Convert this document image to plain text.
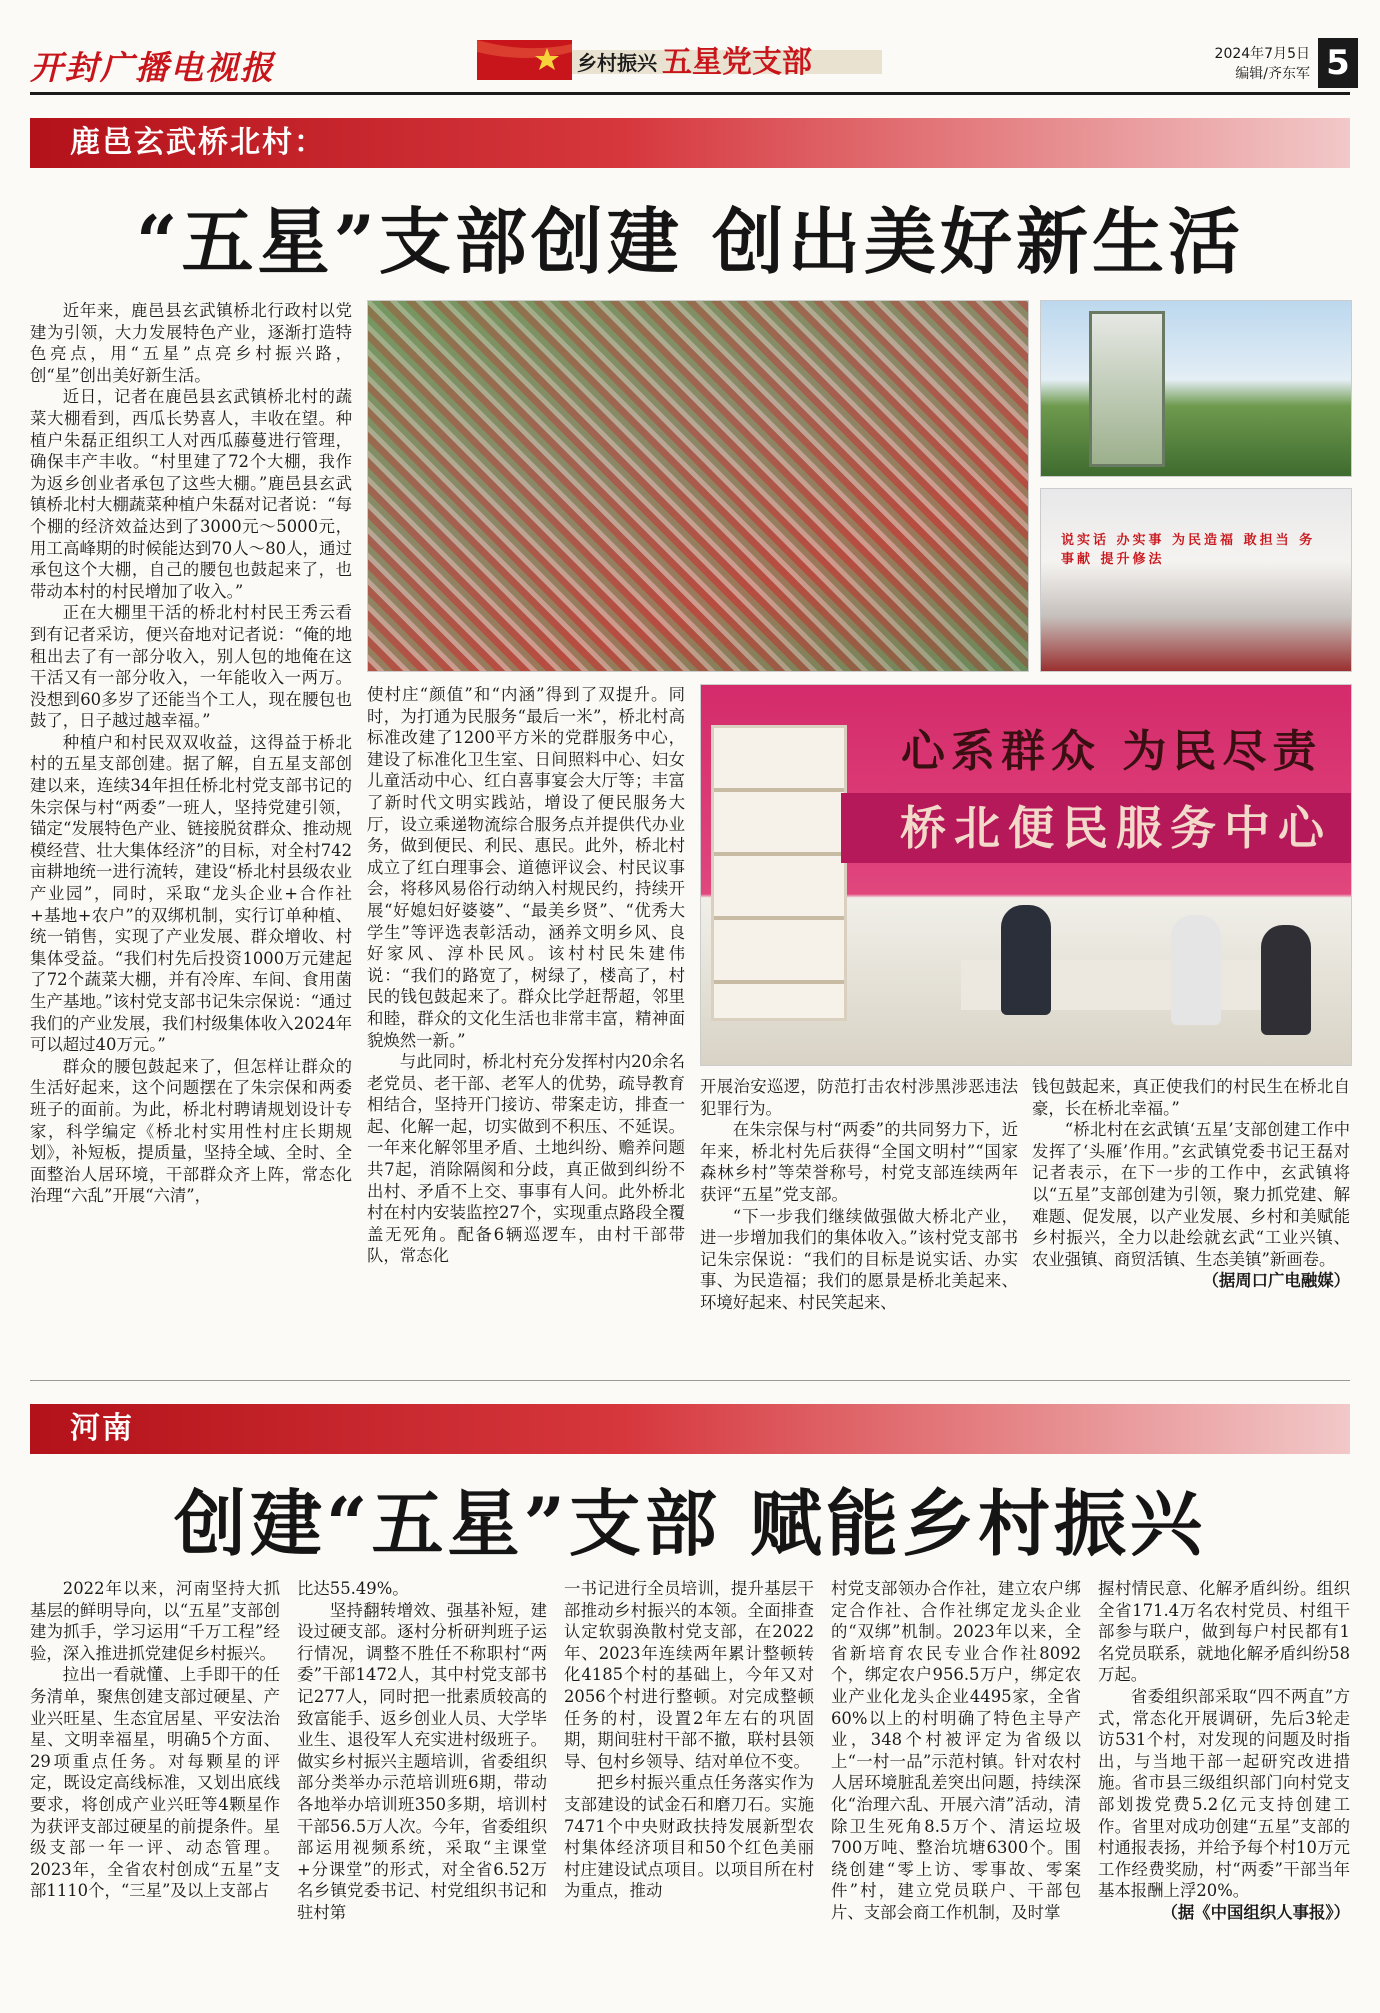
开封广播电视报	乡村振兴 五星党支部	2024年7月5日
编辑/齐东军 5
鹿邑玄武桥北村：
“五星”支部创建 创出美好新生活
说实话 办实事 为民造福 敢担当 务事献 提升修法
心系群众 为民尽责
桥北便民服务中心

近年来，鹿邑县玄武镇桥北行政村以党建为引领，大力发展特色产业，逐渐打造特色亮点，用“五星”点亮乡村振兴路，创“星”创出美好新生活。

近日，记者在鹿邑县玄武镇桥北村的蔬菜大棚看到，西瓜长势喜人，丰收在望。种植户朱磊正组织工人对西瓜藤蔓进行管理，确保丰产丰收。“村里建了72个大棚，我作为返乡创业者承包了这些大棚。”鹿邑县玄武镇桥北村大棚蔬菜种植户朱磊对记者说：“每个棚的经济效益达到了3000元～5000元，用工高峰期的时候能达到70人～80人，通过承包这个大棚，自己的腰包也鼓起来了，也带动本村的村民增加了收入。”

正在大棚里干活的桥北村村民王秀云看到有记者采访，便兴奋地对记者说：“俺的地租出去了有一部分收入，别人包的地俺在这干活又有一部分收入，一年能收入一两万。没想到60多岁了还能当个工人，现在腰包也鼓了，日子越过越幸福。”

种植户和村民双双收益，这得益于桥北村的五星支部创建。据了解，自五星支部创建以来，连续34年担任桥北村党支部书记的朱宗保与村“两委”一班人，坚持党建引领，锚定“发展特色产业、链接脱贫群众、推动规模经营、壮大集体经济”的目标，对全村742亩耕地统一进行流转，建设“桥北村县级农业产业园”，同时，采取“龙头企业+合作社+基地+农户”的双绑机制，实行订单种植、统一销售，实现了产业发展、群众增收、村集体受益。“我们村先后投资1000万元建起了72个蔬菜大棚，并有冷库、车间、食用菌生产基地。”该村党支部书记朱宗保说：“通过我们的产业发展，我们村级集体收入2024年可以超过40万元。”

群众的腰包鼓起来了，但怎样让群众的生活好起来，这个问题摆在了朱宗保和两委班子的面前。为此，桥北村聘请规划设计专家，科学编定《桥北村实用性村庄长期规划》，补短板，提质量，坚持全域、全时、全面整治人居环境，干部群众齐上阵，常态化治理“六乱”开展“六清”，

使村庄“颜值”和“内涵”得到了双提升。同时，为打通为民服务“最后一米”，桥北村高标准改建了1200平方米的党群服务中心，建设了标准化卫生室、日间照料中心、妇女儿童活动中心、红白喜事宴会大厅等；丰富了新时代文明实践站，增设了便民服务大厅，设立乘递物流综合服务点并提供代办业务，做到便民、利民、惠民。此外，桥北村成立了红白理事会、道德评议会、村民议事会，将移风易俗行动纳入村规民约，持续开展“好媳妇好婆婆”、“最美乡贤”、“优秀大学生”等评选表彰活动，涵养文明乡风、良好家风、淳朴民风。该村村民朱建伟说：“我们的路宽了，树绿了，楼高了，村民的钱包鼓起来了。群众比学赶帮超，邻里和睦，群众的文化生活也非常丰富，精神面貌焕然一新。”

与此同时，桥北村充分发挥村内20余名老党员、老干部、老军人的优势，疏导教育相结合，坚持开门接访、带案走访，排查一起、化解一起，切实做到不积压、不延误。一年来化解邻里矛盾、土地纠纷、赡养问题共7起，消除隔阂和分歧，真正做到纠纷不出村、矛盾不上交、事事有人问。此外桥北村在村内安装监控27个，实现重点路段全覆盖无死角。配备6辆巡逻车，由村干部带队，常态化

开展治安巡逻，防范打击农村涉黑涉恶违法犯罪行为。

在朱宗保与村“两委”的共同努力下，近年来，桥北村先后获得“全国文明村”“国家森林乡村”等荣誉称号，村党支部连续两年获评“五星”党支部。

“下一步我们继续做强做大桥北产业，进一步增加我们的集体收入。”该村党支部书记朱宗保说：“我们的目标是说实话、办实事、为民造福；我们的愿景是桥北美起来、环境好起来、村民笑起来、

钱包鼓起来，真正使我们的村民生在桥北自豪，长在桥北幸福。”

“桥北村在玄武镇‘五星’支部创建工作中发挥了‘头雁’作用。”玄武镇党委书记王磊对记者表示，在下一步的工作中，玄武镇将以“五星”支部创建为引领，聚力抓党建、解难题、促发展，以产业发展、乡村和美赋能乡村振兴，全力以赴绘就玄武“工业兴镇、农业强镇、商贸活镇、生态美镇”新画卷。

（据周口广电融媒）

河南
创建“五星”支部 赋能乡村振兴

2022年以来，河南坚持大抓基层的鲜明导向，以“五星”支部创建为抓手，学习运用“千万工程”经验，深入推进抓党建促乡村振兴。

拉出一看就懂、上手即干的任务清单，聚焦创建支部过硬星、产业兴旺星、生态宜居星、平安法治星、文明幸福星，明确5个方面、29项重点任务。对每颗星的评定，既设定高线标准，又划出底线要求，将创成产业兴旺等4颗星作为获评支部过硬星的前提条件。星级支部一年一评、动态管理。2023年，全省农村创成“五星”支部1110个，“三星”及以上支部占

比达55.49%。

坚持翻转增效、强基补短，建设过硬支部。逐村分析研判班子运行情况，调整不胜任不称职村“两委”干部1472人，其中村党支部书记277人，同时把一批素质较高的致富能手、返乡创业人员、大学毕业生、退役军人充实进村级班子。做实乡村振兴主题培训，省委组织部分类举办示范培训班6期，带动各地举办培训班350多期，培训村干部56.5万人次。今年，省委组织部运用视频系统，采取“主课堂+分课堂”的形式，对全省6.52万名乡镇党委书记、村党组织书记和驻村第

一书记进行全员培训，提升基层干部推动乡村振兴的本领。全面排查认定软弱涣散村党支部，在2022年、2023年连续两年累计整顿转化4185个村的基础上，今年又对2056个村进行整顿。对完成整顿任务的村，设置2年左右的巩固期，期间驻村干部不撤，联村县领导、包村乡领导、结对单位不变。

把乡村振兴重点任务落实作为支部建设的试金石和磨刀石。实施7471个中央财政扶持发展新型农村集体经济项目和50个红色美丽村庄建设试点项目。以项目所在村为重点，推动

村党支部领办合作社，建立农户绑定合作社、合作社绑定龙头企业的“双绑”机制。2023年以来，全省新培育农民专业合作社8092个，绑定农户956.5万户，绑定农业产业化龙头企业4495家，全省60%以上的村明确了特色主导产业，348个村被评定为省级以上“一村一品”示范村镇。针对农村人居环境脏乱差突出问题，持续深化“治理六乱、开展六清”活动，清除卫生死角8.5万个、清运垃圾700万吨、整治坑塘6300个。围绕创建“零上访、零事故、零案件”村，建立党员联户、干部包片、支部会商工作机制，及时掌

握村情民意、化解矛盾纠纷。组织全省171.4万名农村党员、村组干部参与联户，做到每户村民都有1名党员联系，就地化解矛盾纠纷58万起。

省委组织部采取“四不两直”方式，常态化开展调研，先后3轮走访531个村，对发现的问题及时指出，与当地干部一起研究改进措施。省市县三级组织部门向村党支部划拨党费5.2亿元支持创建工作。省里对成功创建“五星”支部的村通报表扬，并给予每个村10万元工作经费奖励，村“两委”干部当年基本报酬上浮20%。

（据《中国组织人事报》）
